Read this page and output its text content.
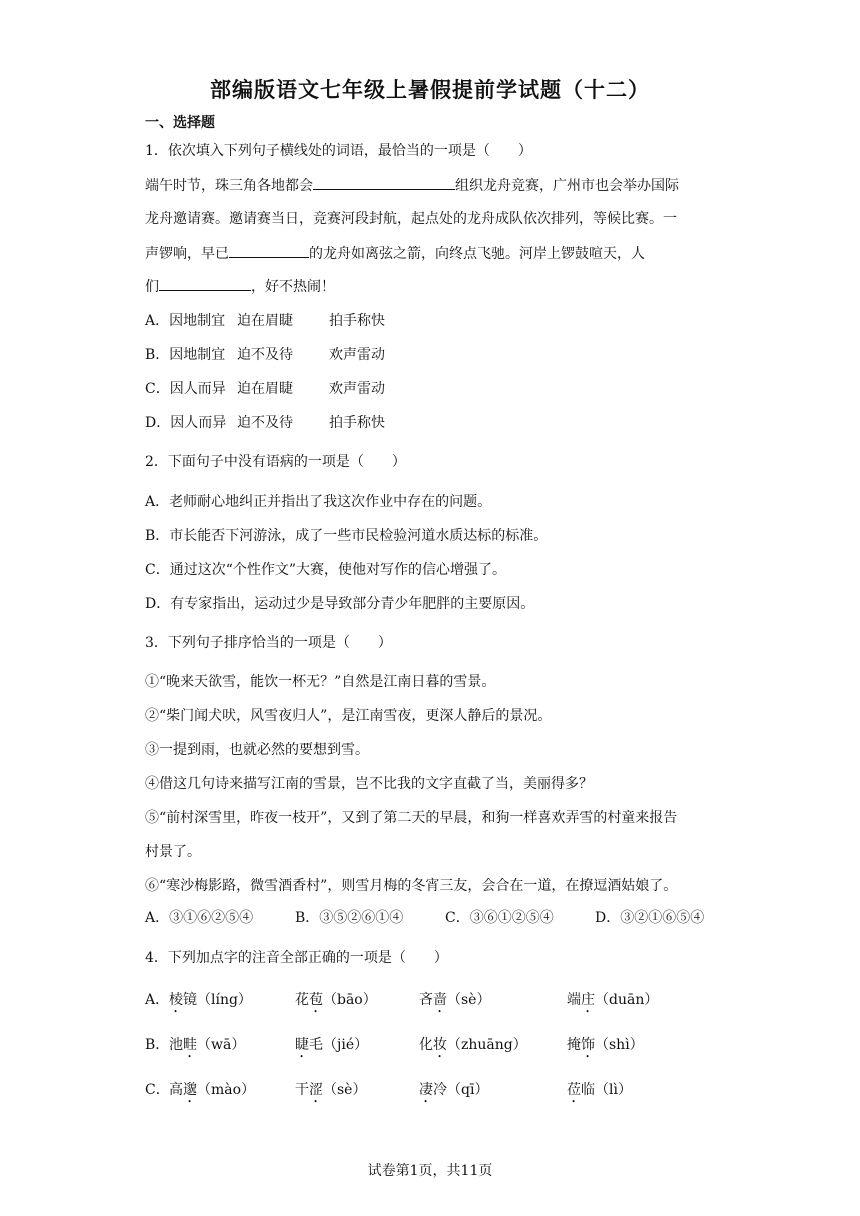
部编版语文七年级上暑假提前学试题（十二）
一、选择题
1．依次填入下列句子横线处的词语，最恰当的一项是（　　）
端午时节，珠三角各地都会	组织龙舟竞赛，广州市也会举办国际
龙舟邀请赛。邀请赛当日，竞赛河段封航，起点处的龙舟成队依次排列，等候比赛。一
声锣响，早已	的龙舟如离弦之箭，向终点飞驰。河岸上锣鼓喧天，人
们	，好不热闹！
A．因地制宜 迫在眉睫	拍手称快
B．因地制宜 迫不及待	欢声雷动
C．因人而异 迫在眉睫	欢声雷动
D．因人而异 迫不及待	拍手称快
2．下面句子中没有语病的一项是（　　）
A．老师耐心地纠正并指出了我这次作业中存在的问题。
B．市长能否下河游泳，成了一些市民检验河道水质达标的标准。
C．通过这次“个性作文”大赛，使他对写作的信心增强了。
D．有专家指出，运动过少是导致部分青少年肥胖的主要原因。
3．下列句子排序恰当的一项是（　　）
①“晚来天欲雪，能饮一杯无？”自然是江南日暮的雪景。
②“柴门闻犬吠，风雪夜归人”，是江南雪夜，更深人静后的景况。
③一提到雨，也就必然的要想到雪。
④借这几句诗来描写江南的雪景，岂不比我的文字直截了当，美丽得多？
⑤“前村深雪里，昨夜一枝开”，又到了第二天的早晨，和狗一样喜欢弄雪的村童来报告
村景了。
⑥“寒沙梅影路，微雪酒香村”，则雪月梅的冬宵三友，会合在一道，在撩逗酒姑娘了。
A．③①⑥②⑤④	B．③⑤②⑥①④	C．③⑥①②⑤④	D．③②①⑥⑤④
4．下列加点字的注音全部正确的一项是（　　）
A．棱镜（líng）	花苞（bāo）	吝啬（sè）	端庄（duān）
B．池畦（wā）	睫毛（jié）	化妆（zhuāng）	掩饰（shì）
C．高邈（mào）	干涩（sè）	凄冷（qī）	莅临（lì）
试卷第1页，共11页
